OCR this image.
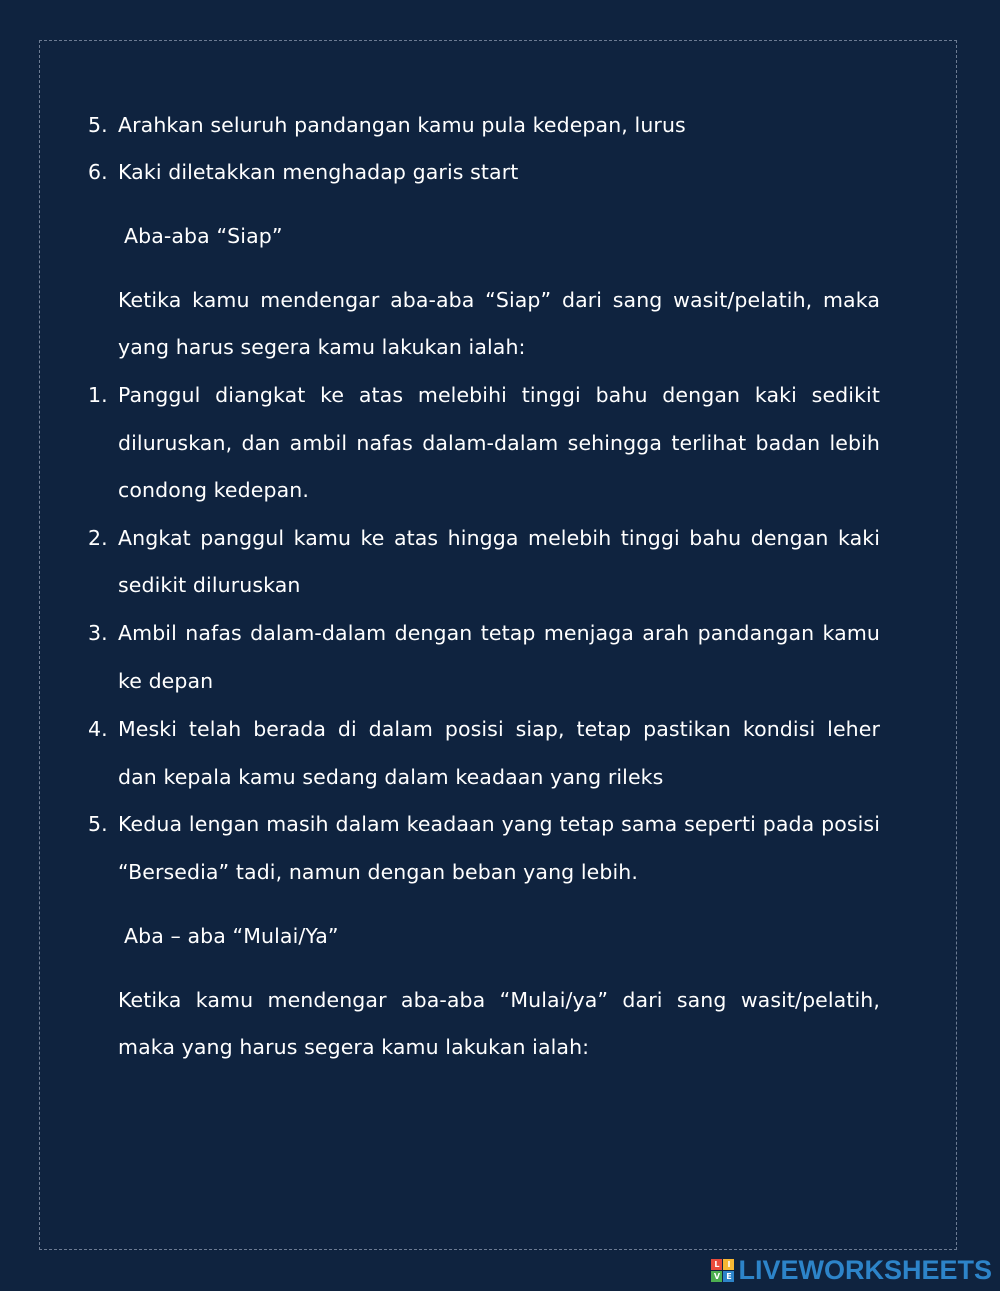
5. Arahkan seluruh pandangan kamu pula kedepan, lurus
6. Kaki diletakkan menghadap garis start
Aba-aba “Siap”
Ketika kamu mendengar aba-aba “Siap” dari sang wasit/pelatih, maka
yang harus segera kamu lakukan ialah:
1. Panggul diangkat ke atas melebihi tinggi bahu dengan kaki sedikit
diluruskan, dan ambil nafas dalam-dalam sehingga terlihat badan lebih
condong kedepan.
2. Angkat panggul kamu ke atas hingga melebih tinggi bahu dengan kaki
sedikit diluruskan
3. Ambil nafas dalam-dalam dengan tetap menjaga arah pandangan kamu
ke depan
4. Meski telah berada di dalam posisi siap, tetap pastikan kondisi leher
dan kepala kamu sedang dalam keadaan yang rileks
5. Kedua lengan masih dalam keadaan yang tetap sama seperti pada posisi
“Bersedia” tadi, namun dengan beban yang lebih.
Aba – aba “Mulai/Ya”
Ketika kamu mendengar aba-aba “Mulai/ya” dari sang wasit/pelatih,
maka yang harus segera kamu lakukan ialah:
L I
V E LIVEWORKSHEETS
